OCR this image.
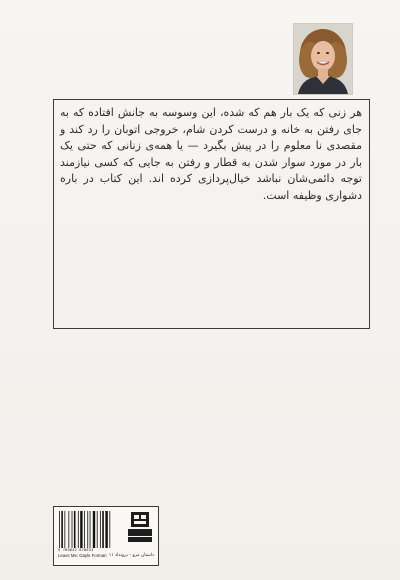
هر زنی که یک بار هم که شده، این وسوسه به جانش افتاده که به جای رفتن به خانه و درست کردن شام، خروجی اتوبان را رد کند و مقصدی نا معلوم را در پیش بگیرد — یا همه‌ی زنانی که حتی یک بار در مورد سوار شدن به قطار و رفتن به جایی که کسی نیازمند توجه دائمی‌شان نباشد خیال‌پردازی کرده اند. این کتاب در باره دشواری وظیفه است.

9 789642 878833
Leave Me: Gayle Forman داستان مرو - برونداد ۱۱
